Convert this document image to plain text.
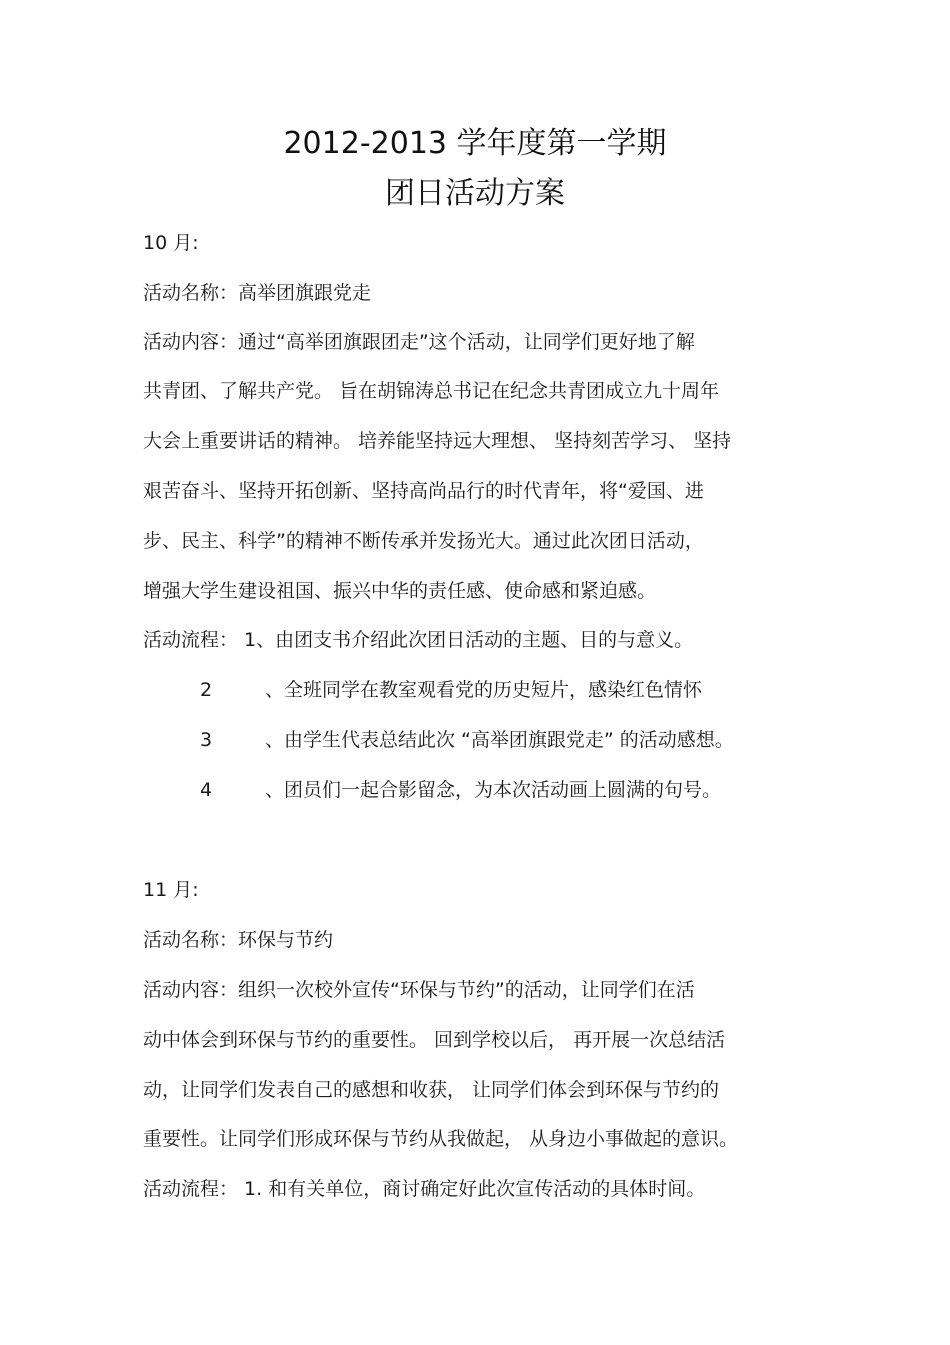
2012-2013 学年度第一学期
团日活动方案
10 月:
活动名称：高举团旗跟党走
活动内容：通过“高举团旗跟团走”这个活动，让同学们更好地了解
共青团、了解共产党。 旨在胡锦涛总书记在纪念共青团成立九十周年
大会上重要讲话的精神。 培养能坚持远大理想、 坚持刻苦学习、 坚持
艰苦奋斗、坚持开拓创新、坚持高尚品行的时代青年，将“爱国、进
步、民主、科学”的精神不断传承并发扬光大。通过此次团日活动，
增强大学生建设祖国、振兴中华的责任感、使命感和紧迫感。
活动流程： 1、由团支书介绍此次团日活动的主题、目的与意义。
2	、全班同学在教室观看党的历史短片，感染红色情怀
3	、由学生代表总结此次 “高举团旗跟党走” 的活动感想。
4	、团员们一起合影留念，为本次活动画上圆满的句号。
11 月:
活动名称：环保与节约
活动内容：组织一次校外宣传“环保与节约”的活动，让同学们在活
动中体会到环保与节约的重要性。 回到学校以后， 再开展一次总结活
动，让同学们发表自己的感想和收获， 让同学们体会到环保与节约的
重要性。让同学们形成环保与节约从我做起， 从身边小事做起的意识。
活动流程： 1. 和有关单位，商讨确定好此次宣传活动的具体时间。
